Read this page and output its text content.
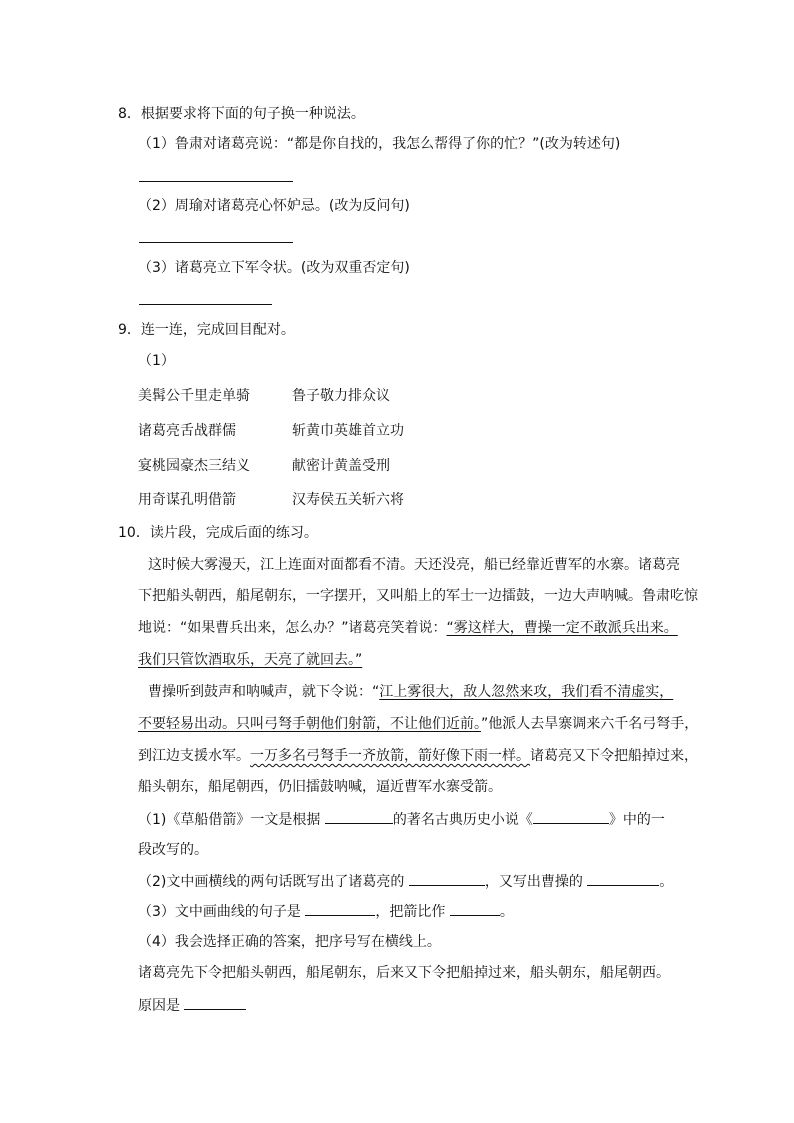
8．根据要求将下面的句子换一种说法。
（1）鲁肃对诸葛亮说：“都是你自找的，我怎么帮得了你的忙？”(改为转述句)
（2）周瑜对诸葛亮心怀妒忌。(改为反问句)
（3）诸葛亮立下军令状。(改为双重否定句)
9．连一连，完成回目配对。
（1）
美髯公千里走单骑	鲁子敬力排众议
诸葛亮舌战群儒	斩黄巾英雄首立功
宴桃园豪杰三结义	献密计黄盖受刑
用奇谋孔明借箭	汉寿侯五关斩六将
10．读片段，完成后面的练习。
这时候大雾漫天，江上连面对面都看不清。天还没亮，船已经靠近曹军的水寨。诸葛亮
下把船头朝西，船尾朝东，一字摆开，又叫船上的军士一边擂鼓，一边大声呐喊。鲁肃吃惊
地说：“如果曹兵出来，怎么办？”诸葛亮笑着说：“雾这样大，曹操一定不敢派兵出来。
我们只管饮酒取乐，天亮了就回去。”
曹操听到鼓声和呐喊声，就下令说：“江上雾很大，敌人忽然来攻，我们看不清虚实，
不要轻易出动。只叫弓弩手朝他们射箭，不让他们近前。”他派人去旱寨调来六千名弓弩手，
到江边支援水军。一万多名弓弩手一齐放箭，箭好像下雨一样。诸葛亮又下令把船掉过来，
船头朝东，船尾朝西，仍旧擂鼓呐喊，逼近曹军水寨受箭。
（1)《草船借箭》一文是根据	的著名古典历史小说《	》中的一
段改写的。
（2)文中画横线的两句话既写出了诸葛亮的	，又写出曹操的	。
（3）文中画曲线的句子是	，把箭比作	。
（4）我会选择正确的答案，把序号写在横线上。
诸葛亮先下令把船头朝西，船尾朝东，后来又下令把船掉过来，船头朝东，船尾朝西。
原因是
